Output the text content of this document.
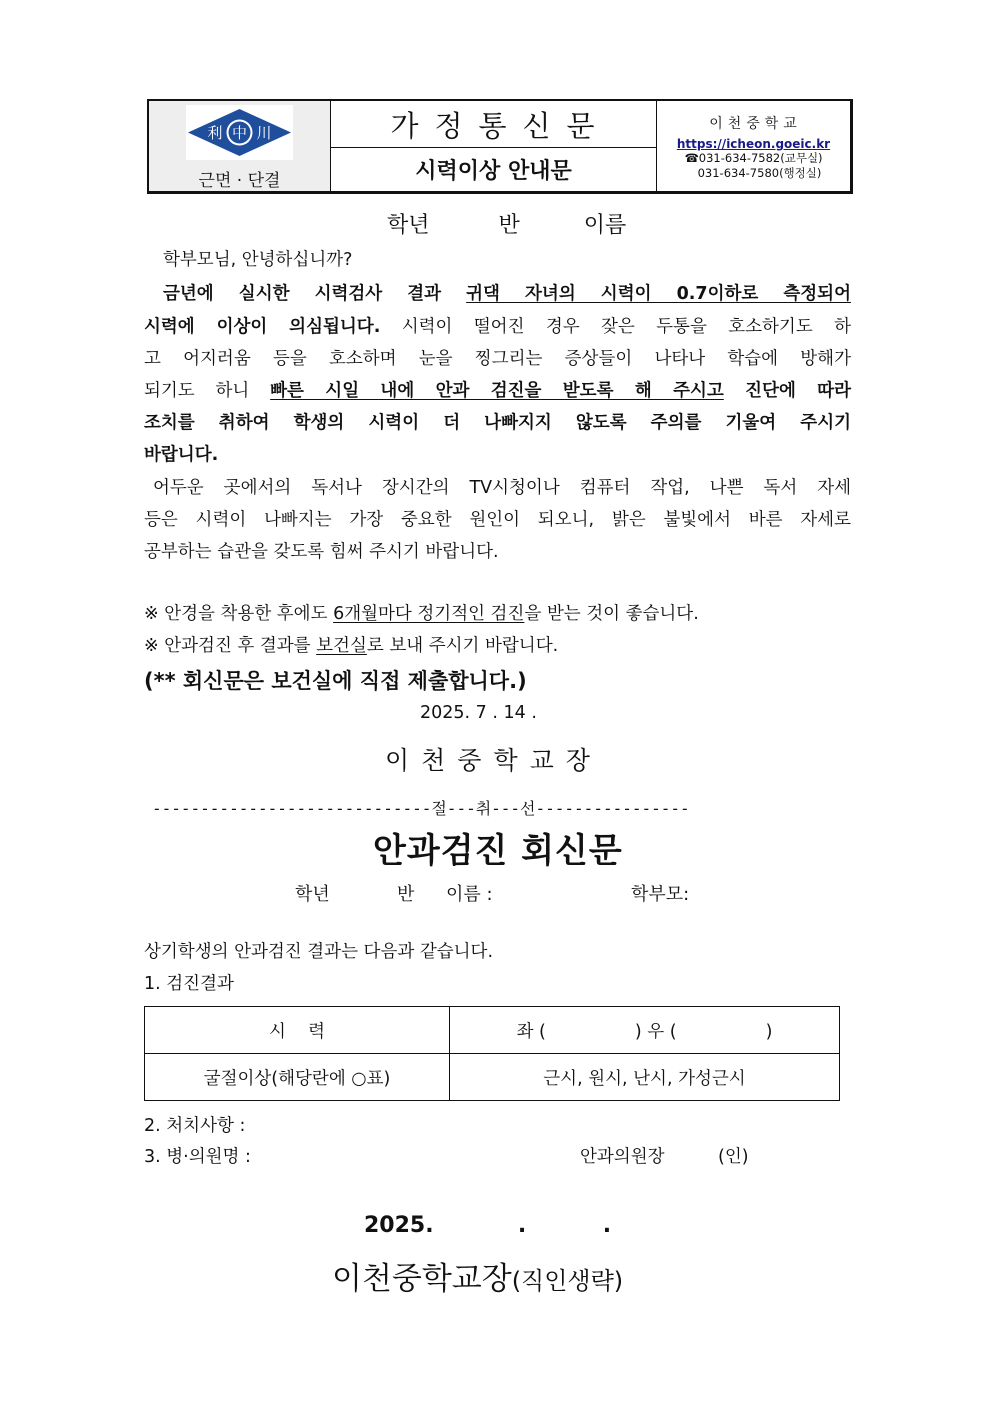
利 中 川
근면 · 단결
가정통신문
시력이상 안내문
이천중학교
https://icheon.goeic.kr
☎031-634-7582(교무실)
031-634-7580(행정실)
학년	반	이름
학부모님, 안녕하십니까?
금년에 실시한 시력검사 결과 귀댁 자녀의 시력이 0.7이하로 측정되어
시력에 이상이 의심됩니다. 시력이 떨어진 경우 잦은 두통을 호소하기도 하
고 어지러움 등을 호소하며 눈을 찡그리는 증상들이 나타나 학습에 방해가
되기도 하니 빠른 시일 내에 안과 검진을 받도록 해 주시고 진단에 따라
조치를 취하여 학생의 시력이 더 나빠지지 않도록 주의를 기울여 주시기
바랍니다.
어두운 곳에서의 독서나 장시간의 TV시청이나 컴퓨터 작업, 나쁜 독서 자세
등은 시력이 나빠지는 가장 중요한 원인이 되오니, 밝은 불빛에서 바른 자세로
공부하는 습관을 갖도록 힘써 주시기 바랍니다.
※ 안경을 착용한 후에도 6개월마다 정기적인 검진을 받는 것이 좋습니다.
※ 안과검진 후 결과를 보건실로 보내 주시기 바랍니다.
(** 회신문은 보건실에 직접 제출합니다.)
2025. 7 . 14 .
이천중학교장
-----------------------------절---취---선----------------
안과검진 회신문
학년	반 이름 :	학부모:
상기학생의 안과검진 결과는 다음과 같습니다.
1. 검진결과
시    력	좌 (                ) 우 (                )
굴절이상(해당란에 ○표)	근시, 원시, 난시, 가성근시
2. 처치사항 :
3. 병·의원명 :	안과의원장	(인)
2025.           .          .
이천중학교장(직인생략)
